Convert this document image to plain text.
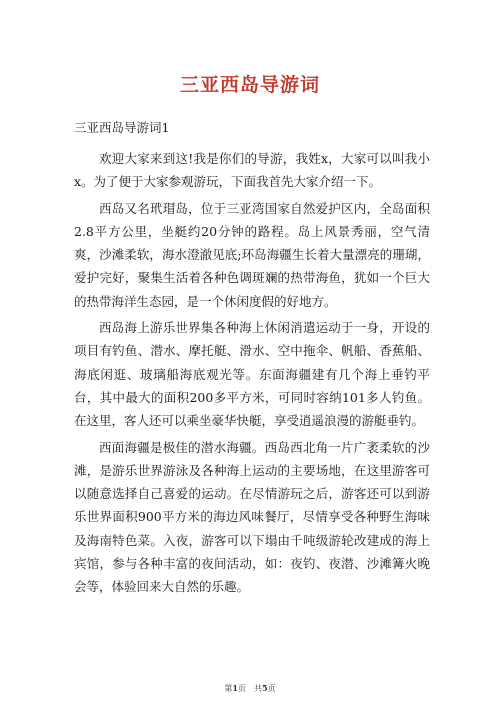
三亚西岛导游词

三亚西岛导游词1

欢迎大家来到这!我是你们的导游，我姓x，大家可以叫我小x。为了便于大家参观游玩，下面我首先大家介绍一下。

西岛又名玳瑁岛，位于三亚湾国家自然爱护区内，全岛面积2.8平方公里，坐艇约20分钟的路程。岛上风景秀丽，空气清爽，沙滩柔软，海水澄澈见底;环岛海疆生长着大量漂亮的珊瑚，爱护完好，聚集生活着各种色调斑斓的热带海鱼，犹如一个巨大的热带海洋生态园，是一个休闲度假的好地方。

西岛海上游乐世界集各种海上休闲消遣运动于一身，开设的项目有钓鱼、潜水、摩托艇、滑水、空中拖伞、帆船、香蕉船、海底闲逛、玻璃船海底观光等。东面海疆建有几个海上垂钓平台，其中最大的面积200多平方米，可同时容纳101多人钓鱼。在这里，客人还可以乘坐豪华快艇，享受逍遥浪漫的游艇垂钓。

西面海疆是极佳的潜水海疆。西岛西北角一片广袤柔软的沙滩，是游乐世界游泳及各种海上运动的主要场地，在这里游客可以随意选择自己喜爱的运动。在尽情游玩之后，游客还可以到游乐世界面积900平方米的海边风味餐厅，尽情享受各种野生海味及海南特色菜。入夜，游客可以下塌由千吨级游轮改建成的海上宾馆，参与各种丰富的夜间活动，如：夜钓、夜潜、沙滩篝火晚会等，体验回来大自然的乐趣。

第1页　共5页
